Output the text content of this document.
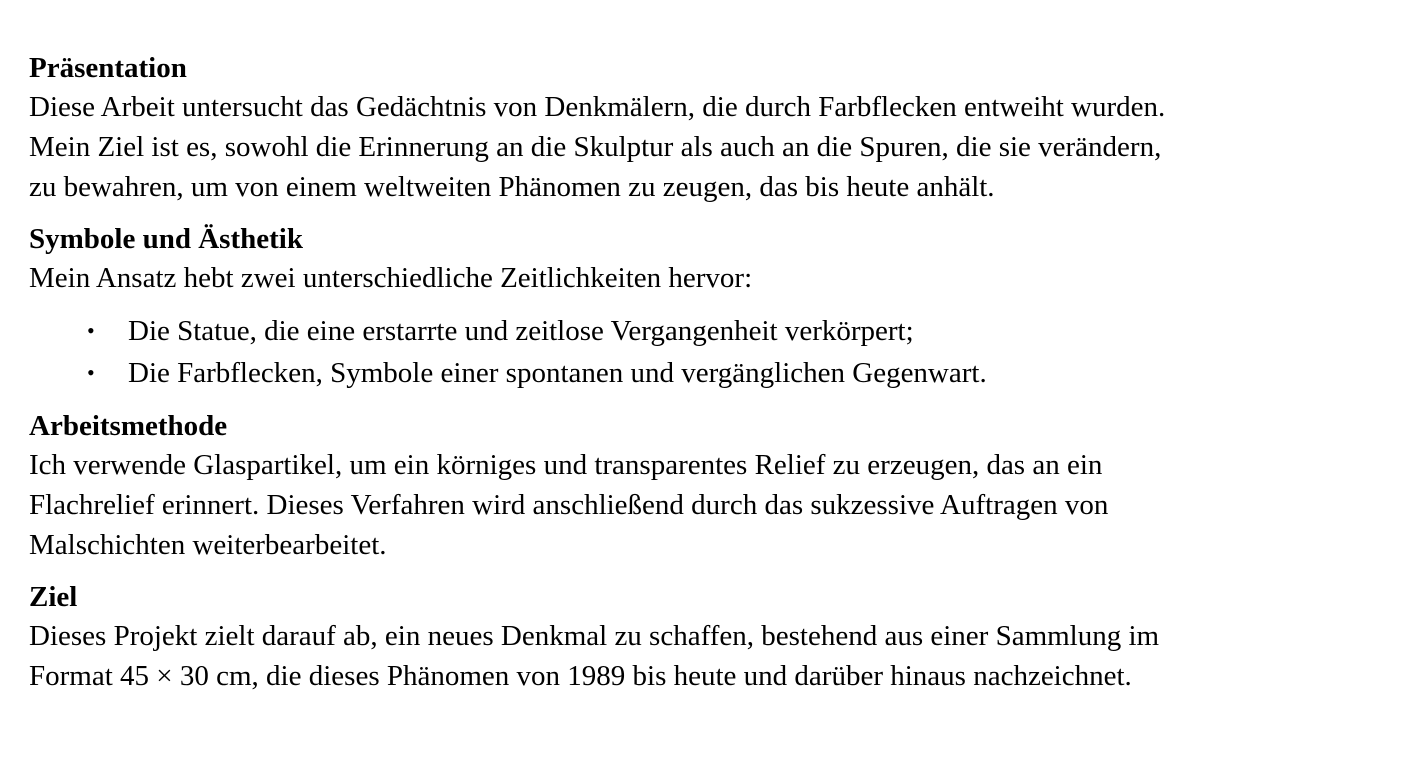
Präsentation

Diese Arbeit untersucht das Gedächtnis von Denkmälern, die durch Farbflecken entweiht wurden.
Mein Ziel ist es, sowohl die Erinnerung an die Skulptur als auch an die Spuren, die sie verändern,
zu bewahren, um von einem weltweiten Phänomen zu zeugen, das bis heute anhält.

Symbole und Ästhetik

Mein Ansatz hebt zwei unterschiedliche Zeitlichkeiten hervor:

• Die Statue, die eine erstarrte und zeitlose Vergangenheit verkörpert;
• Die Farbflecken, Symbole einer spontanen und vergänglichen Gegenwart.
Arbeitsmethode

Ich verwende Glaspartikel, um ein körniges und transparentes Relief zu erzeugen, das an ein
Flachrelief erinnert. Dieses Verfahren wird anschließend durch das sukzessive Auftragen von
Malschichten weiterbearbeitet.

Ziel

Dieses Projekt zielt darauf ab, ein neues Denkmal zu schaffen, bestehend aus einer Sammlung im
Format 45 × 30 cm, die dieses Phänomen von 1989 bis heute und darüber hinaus nachzeichnet.
